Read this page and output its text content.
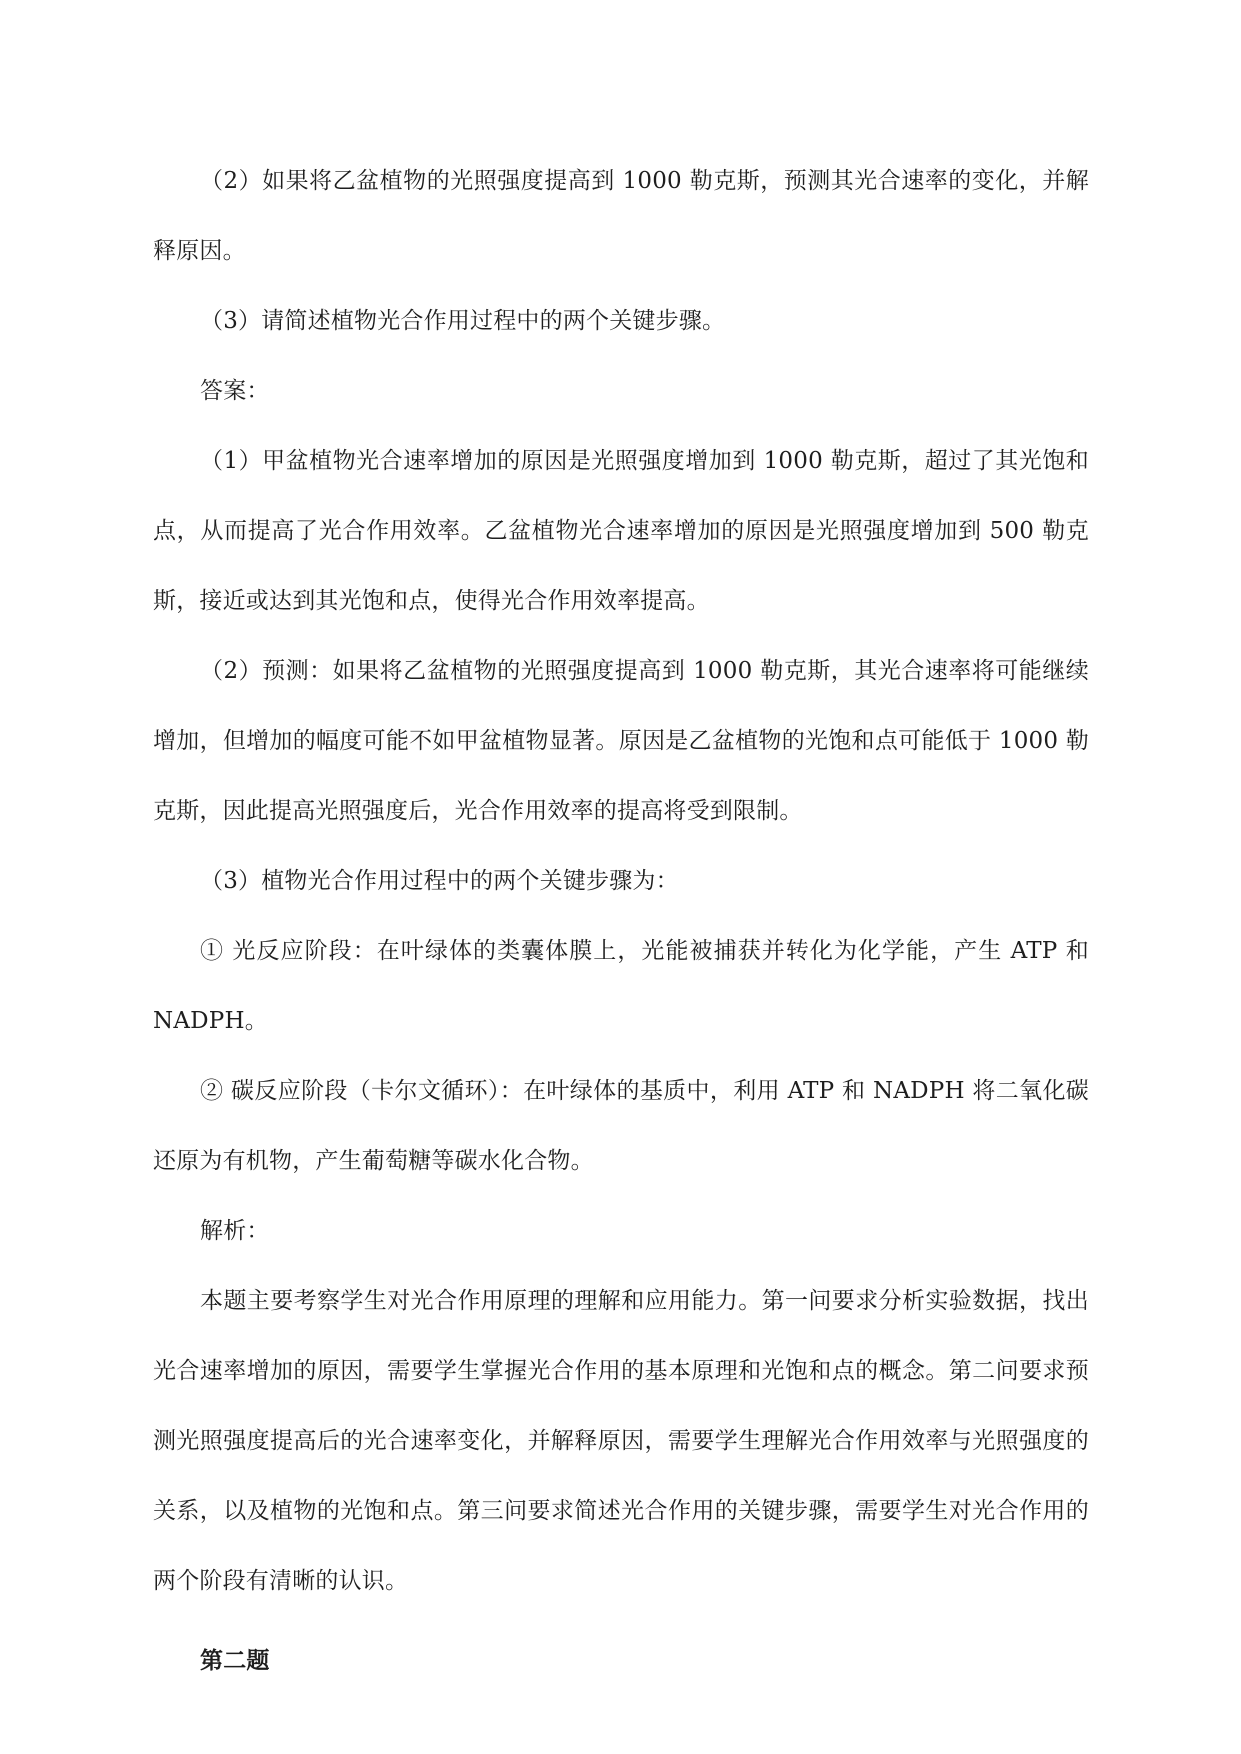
（2）如果将乙盆植物的光照强度提高到 1000 勒克斯，预测其光合速率的变化，并解释原因。

（3）请简述植物光合作用过程中的两个关键步骤。

答案：

（1）甲盆植物光合速率增加的原因是光照强度增加到 1000 勒克斯，超过了其光饱和点，从而提高了光合作用效率。乙盆植物光合速率增加的原因是光照强度增加到 500 勒克斯，接近或达到其光饱和点，使得光合作用效率提高。

（2）预测：如果将乙盆植物的光照强度提高到 1000 勒克斯，其光合速率将可能继续增加，但增加的幅度可能不如甲盆植物显著。原因是乙盆植物的光饱和点可能低于 1000 勒克斯，因此提高光照强度后，光合作用效率的提高将受到限制。

（3）植物光合作用过程中的两个关键步骤为：

① 光反应阶段：在叶绿体的类囊体膜上，光能被捕获并转化为化学能，产生 ATP 和 NADPH。

② 碳反应阶段（卡尔文循环）：在叶绿体的基质中，利用 ATP 和 NADPH 将二氧化碳还原为有机物，产生葡萄糖等碳水化合物。

解析：

本题主要考察学生对光合作用原理的理解和应用能力。第一问要求分析实验数据，找出光合速率增加的原因，需要学生掌握光合作用的基本原理和光饱和点的概念。第二问要求预测光照强度提高后的光合速率变化，并解释原因，需要学生理解光合作用效率与光照强度的关系，以及植物的光饱和点。第三问要求简述光合作用的关键步骤，需要学生对光合作用的两个阶段有清晰的认识。

第二题
